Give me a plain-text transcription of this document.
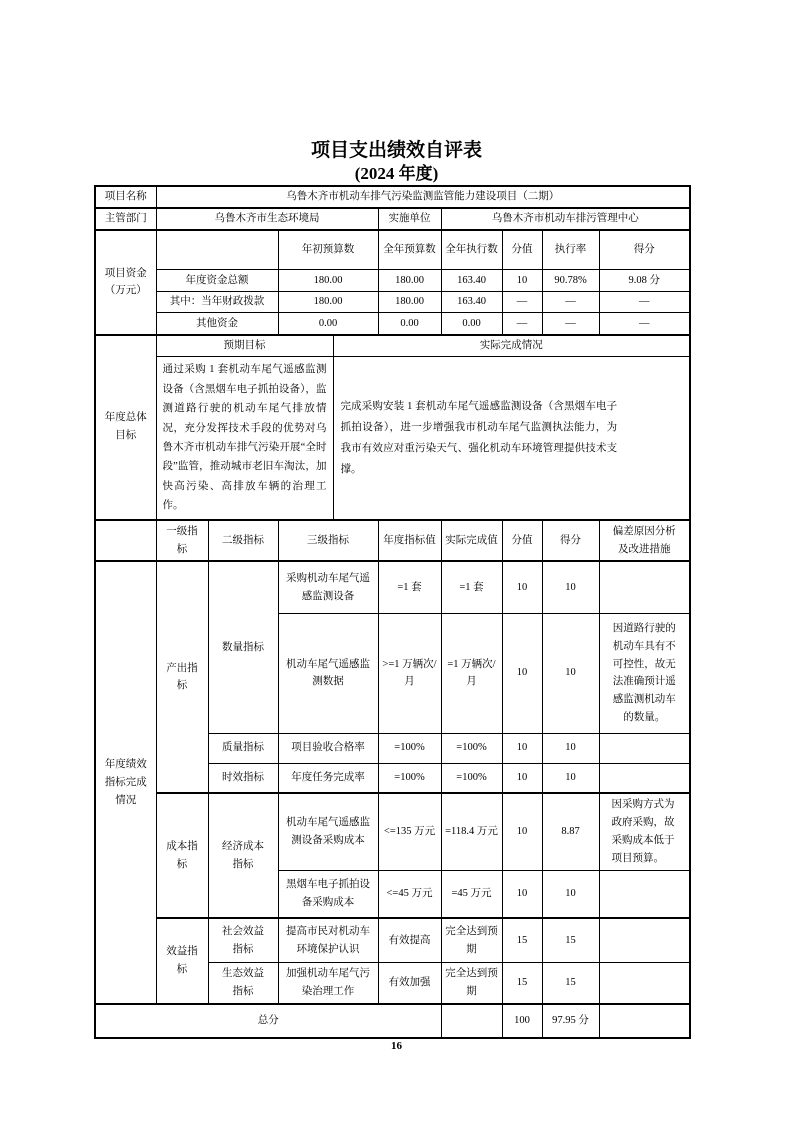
项目支出绩效自评表
(2024 年度)
项目名称	乌鲁木齐市机动车排气污染监测监管能力建设项目（二期）								
主管部门	乌鲁木齐市生态环境局				实施单位	乌鲁木齐市机动车排污管理中心			
项目资金（万元）			年初预算数		全年预算数	全年执行数	分值	执行率	得分
	年度资金总额		180.00		180.00	163.40	10	90.78%	9.08 分
	其中：当年财政拨款		180.00		180.00	163.40	—	—	—
	其他资金		0.00		0.00	0.00	—	—	—
年度总体目标	预期目标			实际完成情况					
	通过采购 1 套机动车尾气遥感监测设备（含黑烟车电子抓拍设备），监测道路行驶的机动车尾气排放情况，充分发挥技术手段的优势对乌鲁木齐市机动车排气污染开展“全时段”监管，推动城市老旧车淘汰，加快高污染、高排放车辆的治理工作。			完成采购安装 1 套机动车尾气遥感监测设备（含黑烟车电子抓拍设备），进一步增强我市机动车尾气监测执法能力，为我市有效应对重污染天气、强化机动车环境管理提供技术支撑。					
	一级指标	二级指标	三级指标		年度指标值	实际完成值	分值	得分	偏差原因分析及改进措施
年度绩效指标完成情况	产出指标	数量指标	采购机动车尾气遥感监测设备		=1 套	=1 套	10	10	
			机动车尾气遥感监测数据		>=1 万辆次/月	=1 万辆次/月	10	10	因道路行驶的机动车具有不可控性，故无法准确预计遥感监测机动车的数量。
		质量指标	项目验收合格率		=100%	=100%	10	10	
		时效指标	年度任务完成率		=100%	=100%	10	10	
	成本指标	经济成本指标	机动车尾气遥感监测设备采购成本		<=135 万元	=118.4 万元	10	8.87	因采购方式为政府采购，故采购成本低于项目预算。
			黑烟车电子抓拍设备采购成本		<=45 万元	=45 万元	10	10	
	效益指标	社会效益指标	提高市民对机动车环境保护认识		有效提高	完全达到预期	15	15	
		生态效益指标	加强机动车尾气污染治理工作		有效加强	完全达到预期	15	15	
总分							100	97.95 分	
16
